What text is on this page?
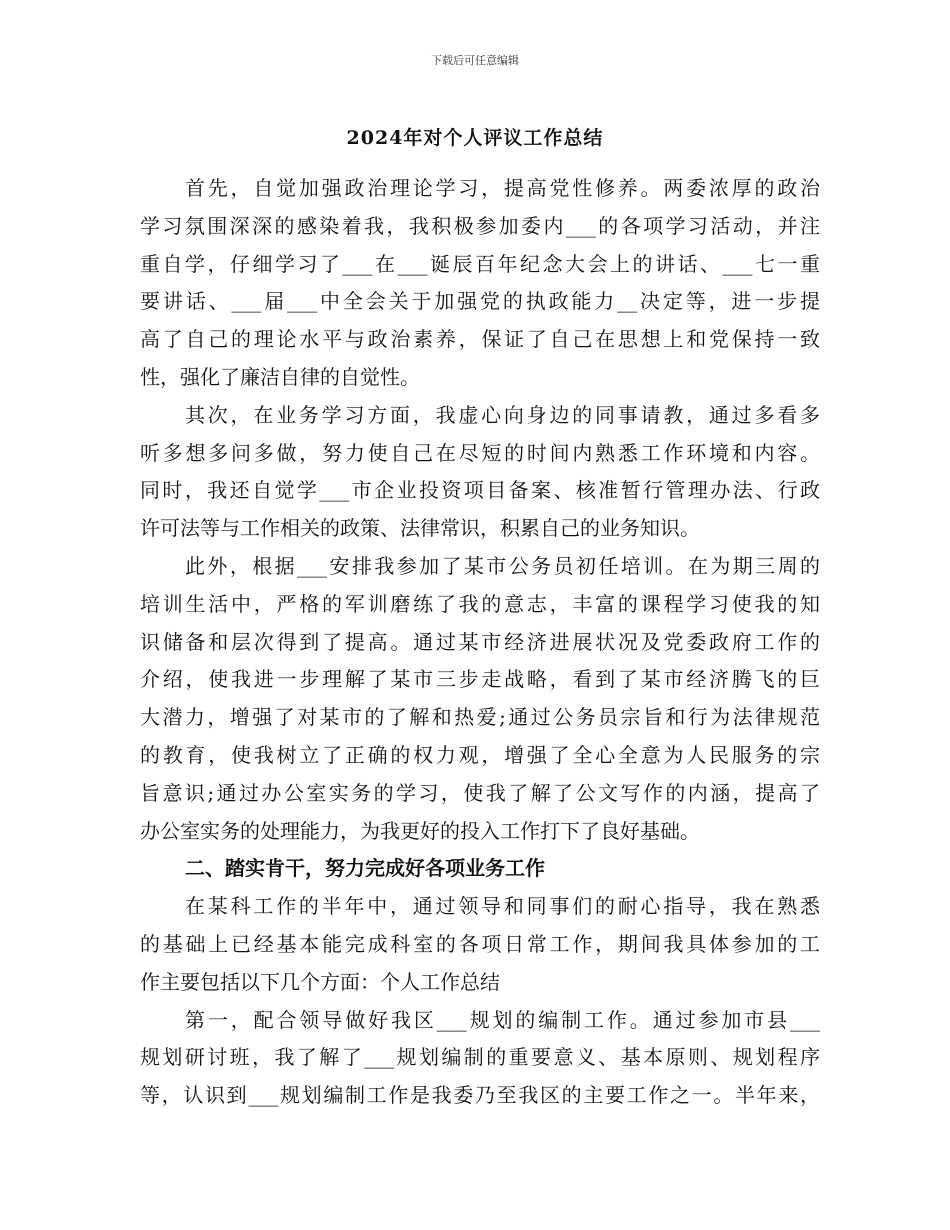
下载后可任意编辑
2024年对个人评议工作总结
首先，自觉加强政治理论学习，提高党性修养。两委浓厚的政治
学习氛围深深的感染着我，我积极参加委内___的各项学习活动，并注
重自学，仔细学习了___在___诞辰百年纪念大会上的讲话、___七一重
要讲话、___届___中全会关于加强党的执政能力__决定等，进一步提
高了自己的理论水平与政治素养，保证了自己在思想上和党保持一致
性，强化了廉洁自律的自觉性。
其次，在业务学习方面，我虚心向身边的同事请教，通过多看多
听多想多问多做，努力使自己在尽短的时间内熟悉工作环境和内容。
同时，我还自觉学___市企业投资项目备案、核准暂行管理办法、行政
许可法等与工作相关的政策、法律常识，积累自己的业务知识。
此外，根据___安排我参加了某市公务员初任培训。在为期三周的
培训生活中，严格的军训磨练了我的意志，丰富的课程学习使我的知
识储备和层次得到了提高。通过某市经济进展状况及党委政府工作的
介绍，使我进一步理解了某市三步走战略，看到了某市经济腾飞的巨
大潜力，增强了对某市的了解和热爱;通过公务员宗旨和行为法律规范
的教育，使我树立了正确的权力观，增强了全心全意为人民服务的宗
旨意识;通过办公室实务的学习，使我了解了公文写作的内涵，提高了
办公室实务的处理能力，为我更好的投入工作打下了良好基础。
二、踏实肯干，努力完成好各项业务工作
在某科工作的半年中，通过领导和同事们的耐心指导，我在熟悉
的基础上已经基本能完成科室的各项日常工作，期间我具体参加的工
作主要包括以下几个方面：个人工作总结
第一，配合领导做好我区___规划的编制工作。通过参加市县___
规划研讨班，我了解了___规划编制的重要意义、基本原则、规划程序
等，认识到___规划编制工作是我委乃至我区的主要工作之一。半年来，
